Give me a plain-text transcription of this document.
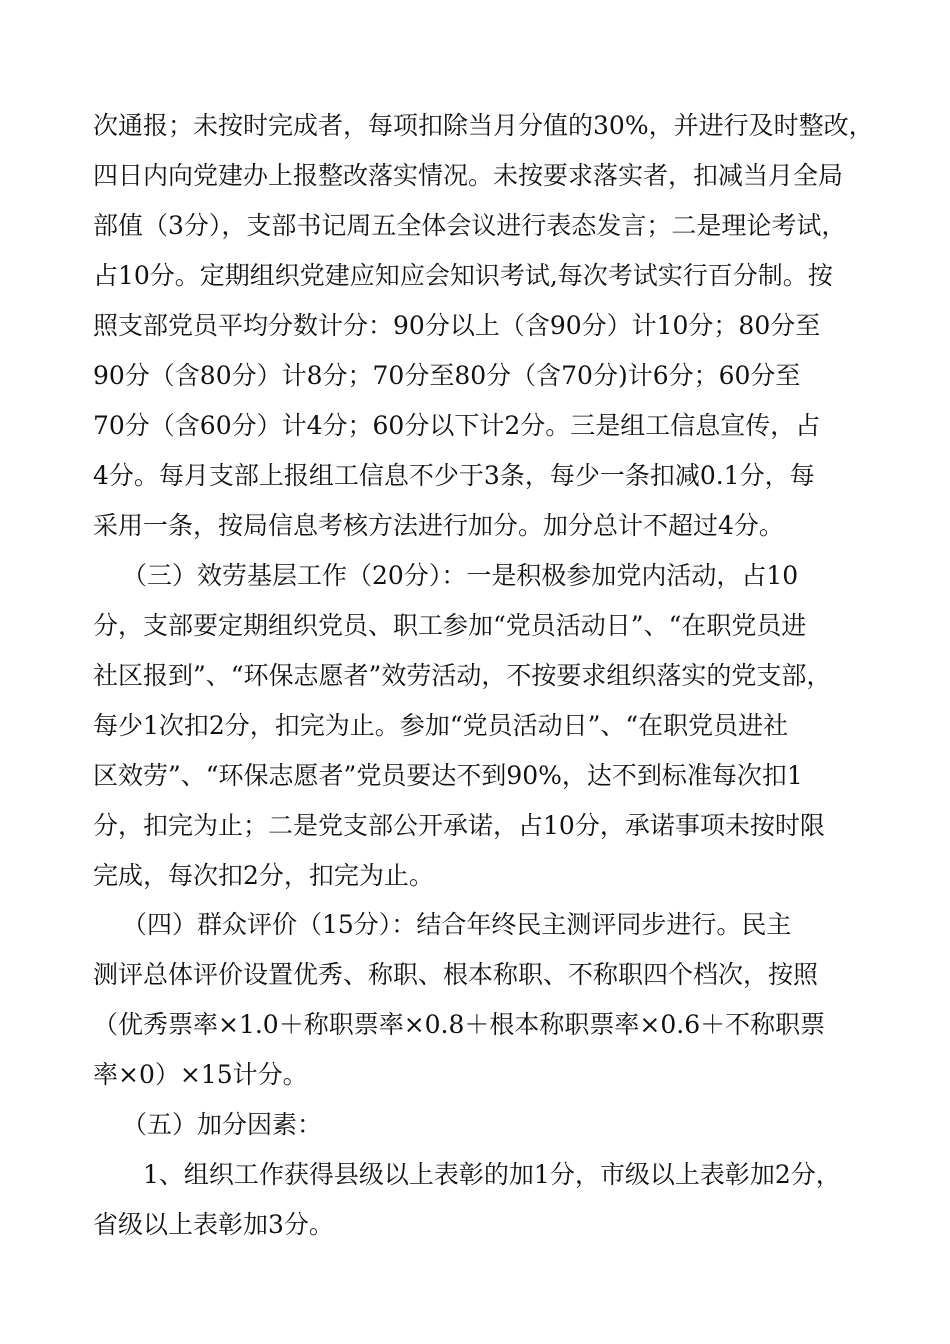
次通报；未按时完成者，每项扣除当月分值的30%，并进行及时整改，
四日内向党建办上报整改落实情况。未按要求落实者，扣减当月全局
部值（3分），支部书记周五全体会议进行表态发言；二是理论考试，
占10分。定期组织党建应知应会知识考试,每次考试实行百分制。按
照支部党员平均分数计分：90分以上（含90分）计10分；80分至
90分（含80分）计8分；70分至80分（含70分)计6分；60分至
70分（含60分）计4分；60分以下计2分。三是组工信息宣传，占
4分。每月支部上报组工信息不少于3条，每少一条扣减0.1分，每
采用一条，按局信息考核方法进行加分。加分总计不超过4分。
（三）效劳基层工作（20分）：一是积极参加党内活动，占10
分，支部要定期组织党员、职工参加“党员活动日”、“在职党员进
社区报到”、“环保志愿者”效劳活动，不按要求组织落实的党支部，
每少1次扣2分，扣完为止。参加“党员活动日”、“在职党员进社
区效劳”、“环保志愿者”党员要达不到90%，达不到标准每次扣1
分，扣完为止；二是党支部公开承诺，占10分，承诺事项未按时限
完成，每次扣2分，扣完为止。
（四）群众评价（15分）：结合年终民主测评同步进行。民主
测评总体评价设置优秀、称职、根本称职、不称职四个档次，按照
（优秀票率×1.0＋称职票率×0.8＋根本称职票率×0.6＋不称职票
率×0）×15计分。
（五）加分因素：
1、组织工作获得县级以上表彰的加1分，市级以上表彰加2分，
省级以上表彰加3分。
